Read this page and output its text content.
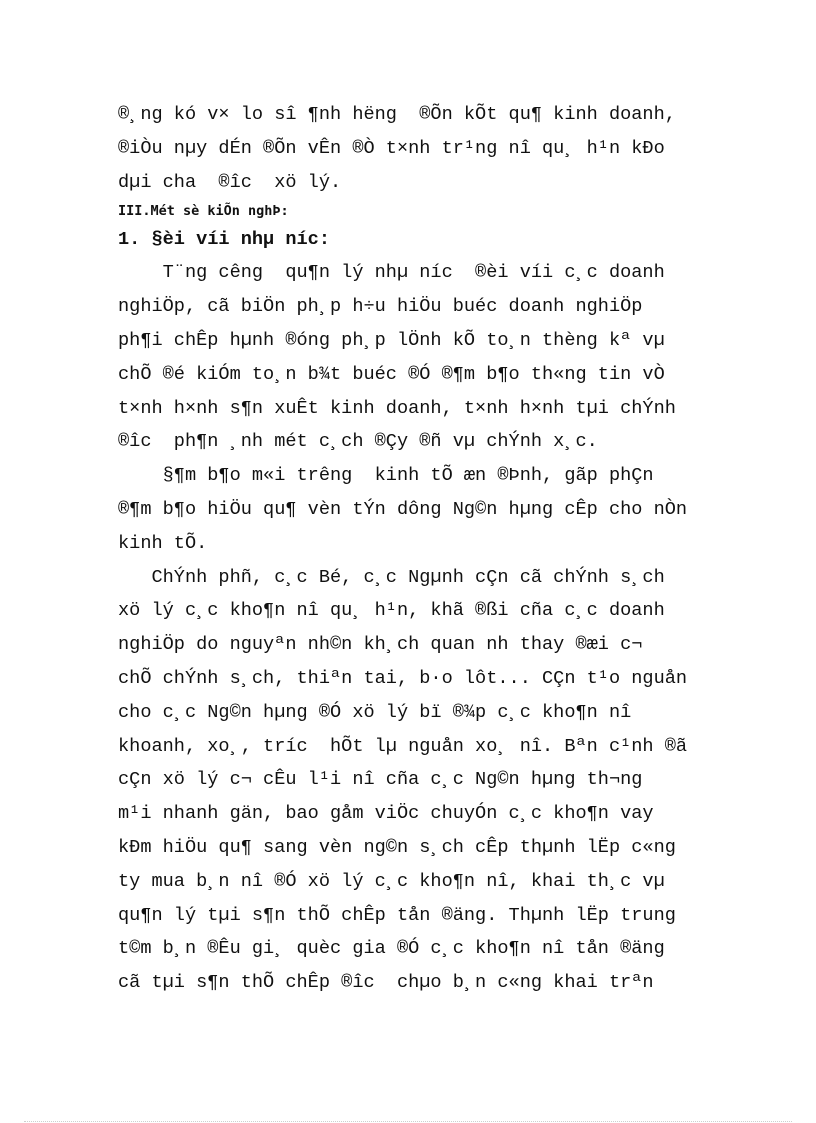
®¸ng kó v× lo sî ¶nh hëng  ®Õn kÕt qu¶ kinh doanh,
®iÒu nµy dÉn ®Õn vÊn ®Ò t×nh tr¹ng nî qu¸ h¹n kÐo
dµi cha  ®îc  xö lý.
III.Mét sè kiÕn nghÞ:
1. §èi víi nhµ níc:
T¨ng cêng  qu¶n lý nhµ níc  ®èi víi c¸c doanh
nghiÖp, cã biÖn ph¸p h÷u hiÖu buéc doanh nghiÖp
ph¶i chÊp hµnh ®óng ph¸p lÖnh kÕ to¸n thèng kª vµ
chÕ ®é kiÓm to¸n b¾t buéc ®Ó ®¶m b¶o th«ng tin vÒ
t×nh h×nh s¶n xuÊt kinh doanh, t×nh h×nh tµi chÝnh
®îc  ph¶n ¸nh mét c¸ch ®Çy ®ñ vµ chÝnh x¸c.
§¶m b¶o m«i trêng  kinh tÕ æn ®Þnh, gãp phÇn
®¶m b¶o hiÖu qu¶ vèn tÝn dông Ng©n hµng cÊp cho nÒn
kinh tÕ.
ChÝnh phñ, c¸c Bé, c¸c Ngµnh cÇn cã chÝnh s¸ch
xö lý c¸c kho¶n nî qu¸ h¹n, khã ®ßi cña c¸c doanh
nghiÖp do nguyªn nh©n kh¸ch quan nh thay ®æi c¬
chÕ chÝnh s¸ch, thiªn tai, b·o lôt... CÇn t¹o nguån
cho c¸c Ng©n hµng ®Ó xö lý bï ®¾p c¸c kho¶n nî
khoanh, xo¸, tríc  hÕt lµ nguån xo¸ nî. Bªn c¹nh ®ã
cÇn xö lý c¬ cÊu l¹i nî cña c¸c Ng©n hµng th¬ng
m¹i nhanh gän, bao gåm viÖc chuyÓn c¸c kho¶n vay
kÐm hiÖu qu¶ sang vèn ng©n s¸ch cÊp thµnh lËp c«ng
ty mua b¸n nî ®Ó xö lý c¸c kho¶n nî, khai th¸c vµ
qu¶n lý tµi s¶n thÕ chÊp tån ®äng. Thµnh lËp trung
t©m b¸n ®Êu gi¸ quèc gia ®Ó c¸c kho¶n nî tån ®äng
cã tµi s¶n thÕ chÊp ®îc  chµo b¸n c«ng khai trªn
